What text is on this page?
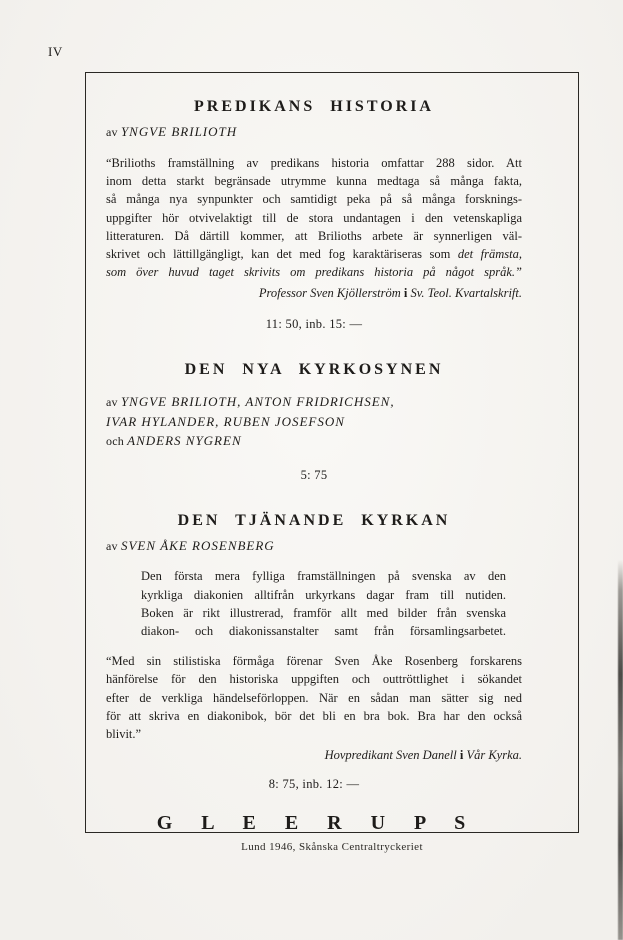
IV
PREDIKANS HISTORIA
av YNGVE BRILIOTH
“Brilioths framställning av predikans historia omfattar 288 sidor. Att
inom detta starkt begränsade utrymme kunna medtaga så många fakta,
så många nya synpunkter och samtidigt peka på så många forsknings-
uppgifter hör otvivelaktigt till de stora undantagen i den vetenskapliga
litteraturen. Då därtill kommer, att Brilioths arbete är synnerligen väl-
skrivet och lättillgängligt, kan det med fog karaktäriseras som det främsta,
som över huvud taget skrivits om predikans historia på något språk.”
Professor Sven Kjöllerström i Sv. Teol. Kvartalskrift.
11: 50, inb. 15: —
DEN NYA KYRKOSYNEN
av YNGVE BRILIOTH, ANTON FRIDRICHSEN,
IVAR HYLANDER, RUBEN JOSEFSON
och ANDERS NYGREN
5: 75
DEN TJÄNANDE KYRKAN
av SVEN ÅKE ROSENBERG
Den första mera fylliga framställningen på svenska av den
kyrkliga diakonien alltifrån urkyrkans dagar fram till nutiden.
Boken är rikt illustrerad, framför allt med bilder från svenska
diakon- och diakonissanstalter samt från församlingsarbetet.
“Med sin stilistiska förmåga förenar Sven Åke Rosenberg forskarens
hänförelse för den historiska uppgiften och outtröttlighet i sökandet
efter de verkliga händelseförloppen. När en sådan man sätter sig ned
för att skriva en diakonibok, bör det bli en bra bok. Bra har den också
blivit.”
Hovpredikant Sven Danell i Vår Kyrka.
8: 75, inb. 12: —
G L E E R U P S
Lund 1946, Skånska Centraltryckeriet
